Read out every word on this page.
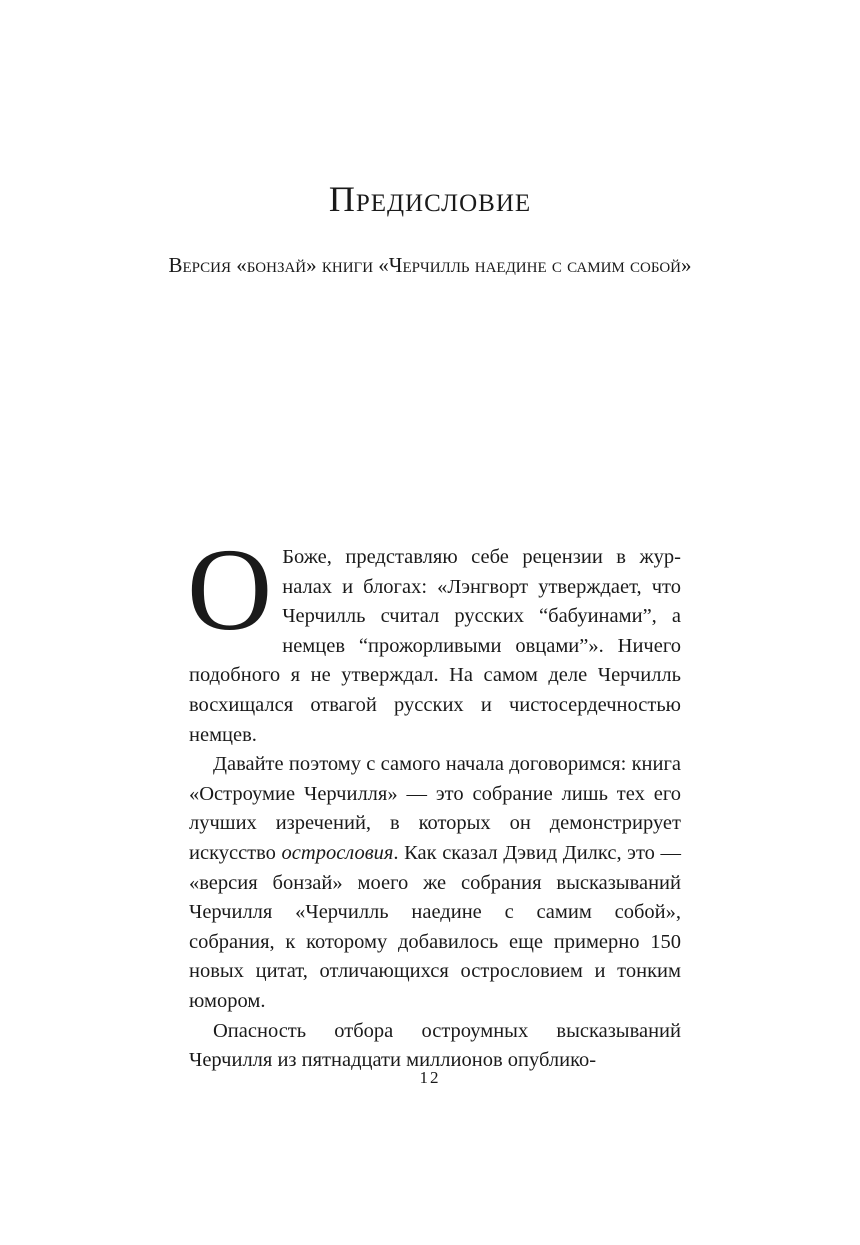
Предисловие
Версия «бонзай» книги «Черчилль наедине с самим собой»

О Боже, представляю себе рецензии в журналах и блогах: «Лэнгворт утверждает, что Черчилль считал русских “бабуинами”, а немцев “прожорливыми овцами”». Ничего подобного я не утверждал. На самом деле Черчилль восхищался отвагой русских и чистосердечностью немцев.

Давайте поэтому с самого начала договоримся: книга «Остроумие Черчилля» — это собрание лишь тех его лучших изречений, в которых он демонстрирует искусство острословия. Как сказал Дэвид Дилкс, это — «версия бонзай» моего же собрания высказываний Черчилля «Черчилль наедине с самим собой», собрания, к которому добавилось еще примерно 150 новых цитат, отличающихся острословием и тонким юмором.

Опасность отбора остроумных высказываний Черчилля из пятнадцати миллионов опублико-

12
